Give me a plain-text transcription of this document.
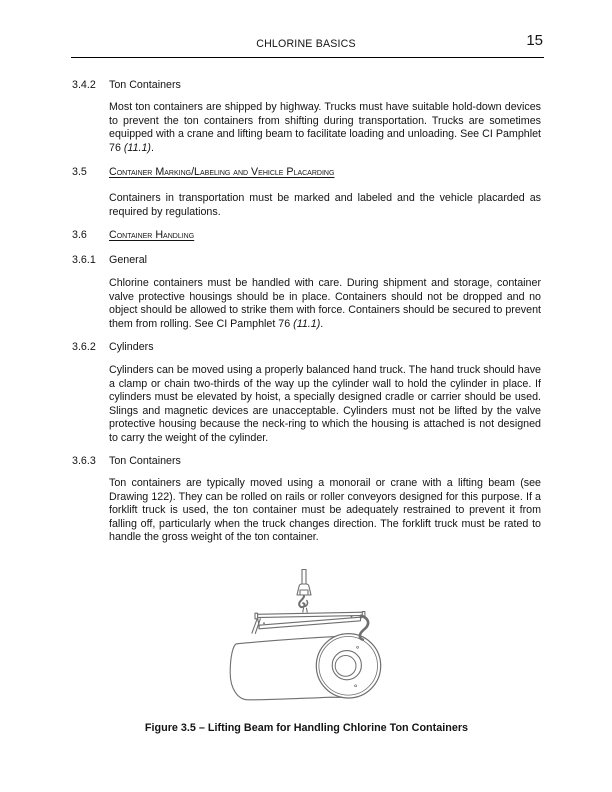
CHLORINE BASICS	15
3.4.2 Ton Containers
Most ton containers are shipped by highway. Trucks must have suitable hold-down devices to prevent the ton containers from shifting during transportation. Trucks are sometimes equipped with a crane and lifting beam to facilitate loading and unloading. See CI Pamphlet 76 (11.1).
3.5 Container Marking/Labeling and Vehicle Placarding
Containers in transportation must be marked and labeled and the vehicle placarded as required by regulations.
3.6 Container Handling
3.6.1 General
Chlorine containers must be handled with care. During shipment and storage, container valve protective housings should be in place. Containers should not be dropped and no object should be allowed to strike them with force. Containers should be secured to prevent them from rolling. See CI Pamphlet 76 (11.1).
3.6.2 Cylinders
Cylinders can be moved using a properly balanced hand truck. The hand truck should have a clamp or chain two-thirds of the way up the cylinder wall to hold the cylinder in place. If cylinders must be elevated by hoist, a specially designed cradle or carrier should be used. Slings and magnetic devices are unacceptable. Cylinders must not be lifted by the valve protective housing because the neck-ring to which the housing is attached is not designed to carry the weight of the cylinder.
3.6.3 Ton Containers
Ton containers are typically moved using a monorail or crane with a lifting beam (see Drawing 122). They can be rolled on rails or roller conveyors designed for this purpose. If a forklift truck is used, the ton container must be adequately restrained to prevent it from falling off, particularly when the truck changes direction. The forklift truck must be rated to handle the gross weight of the ton container.
Figure 3.5 – Lifting Beam for Handling Chlorine Ton Containers
